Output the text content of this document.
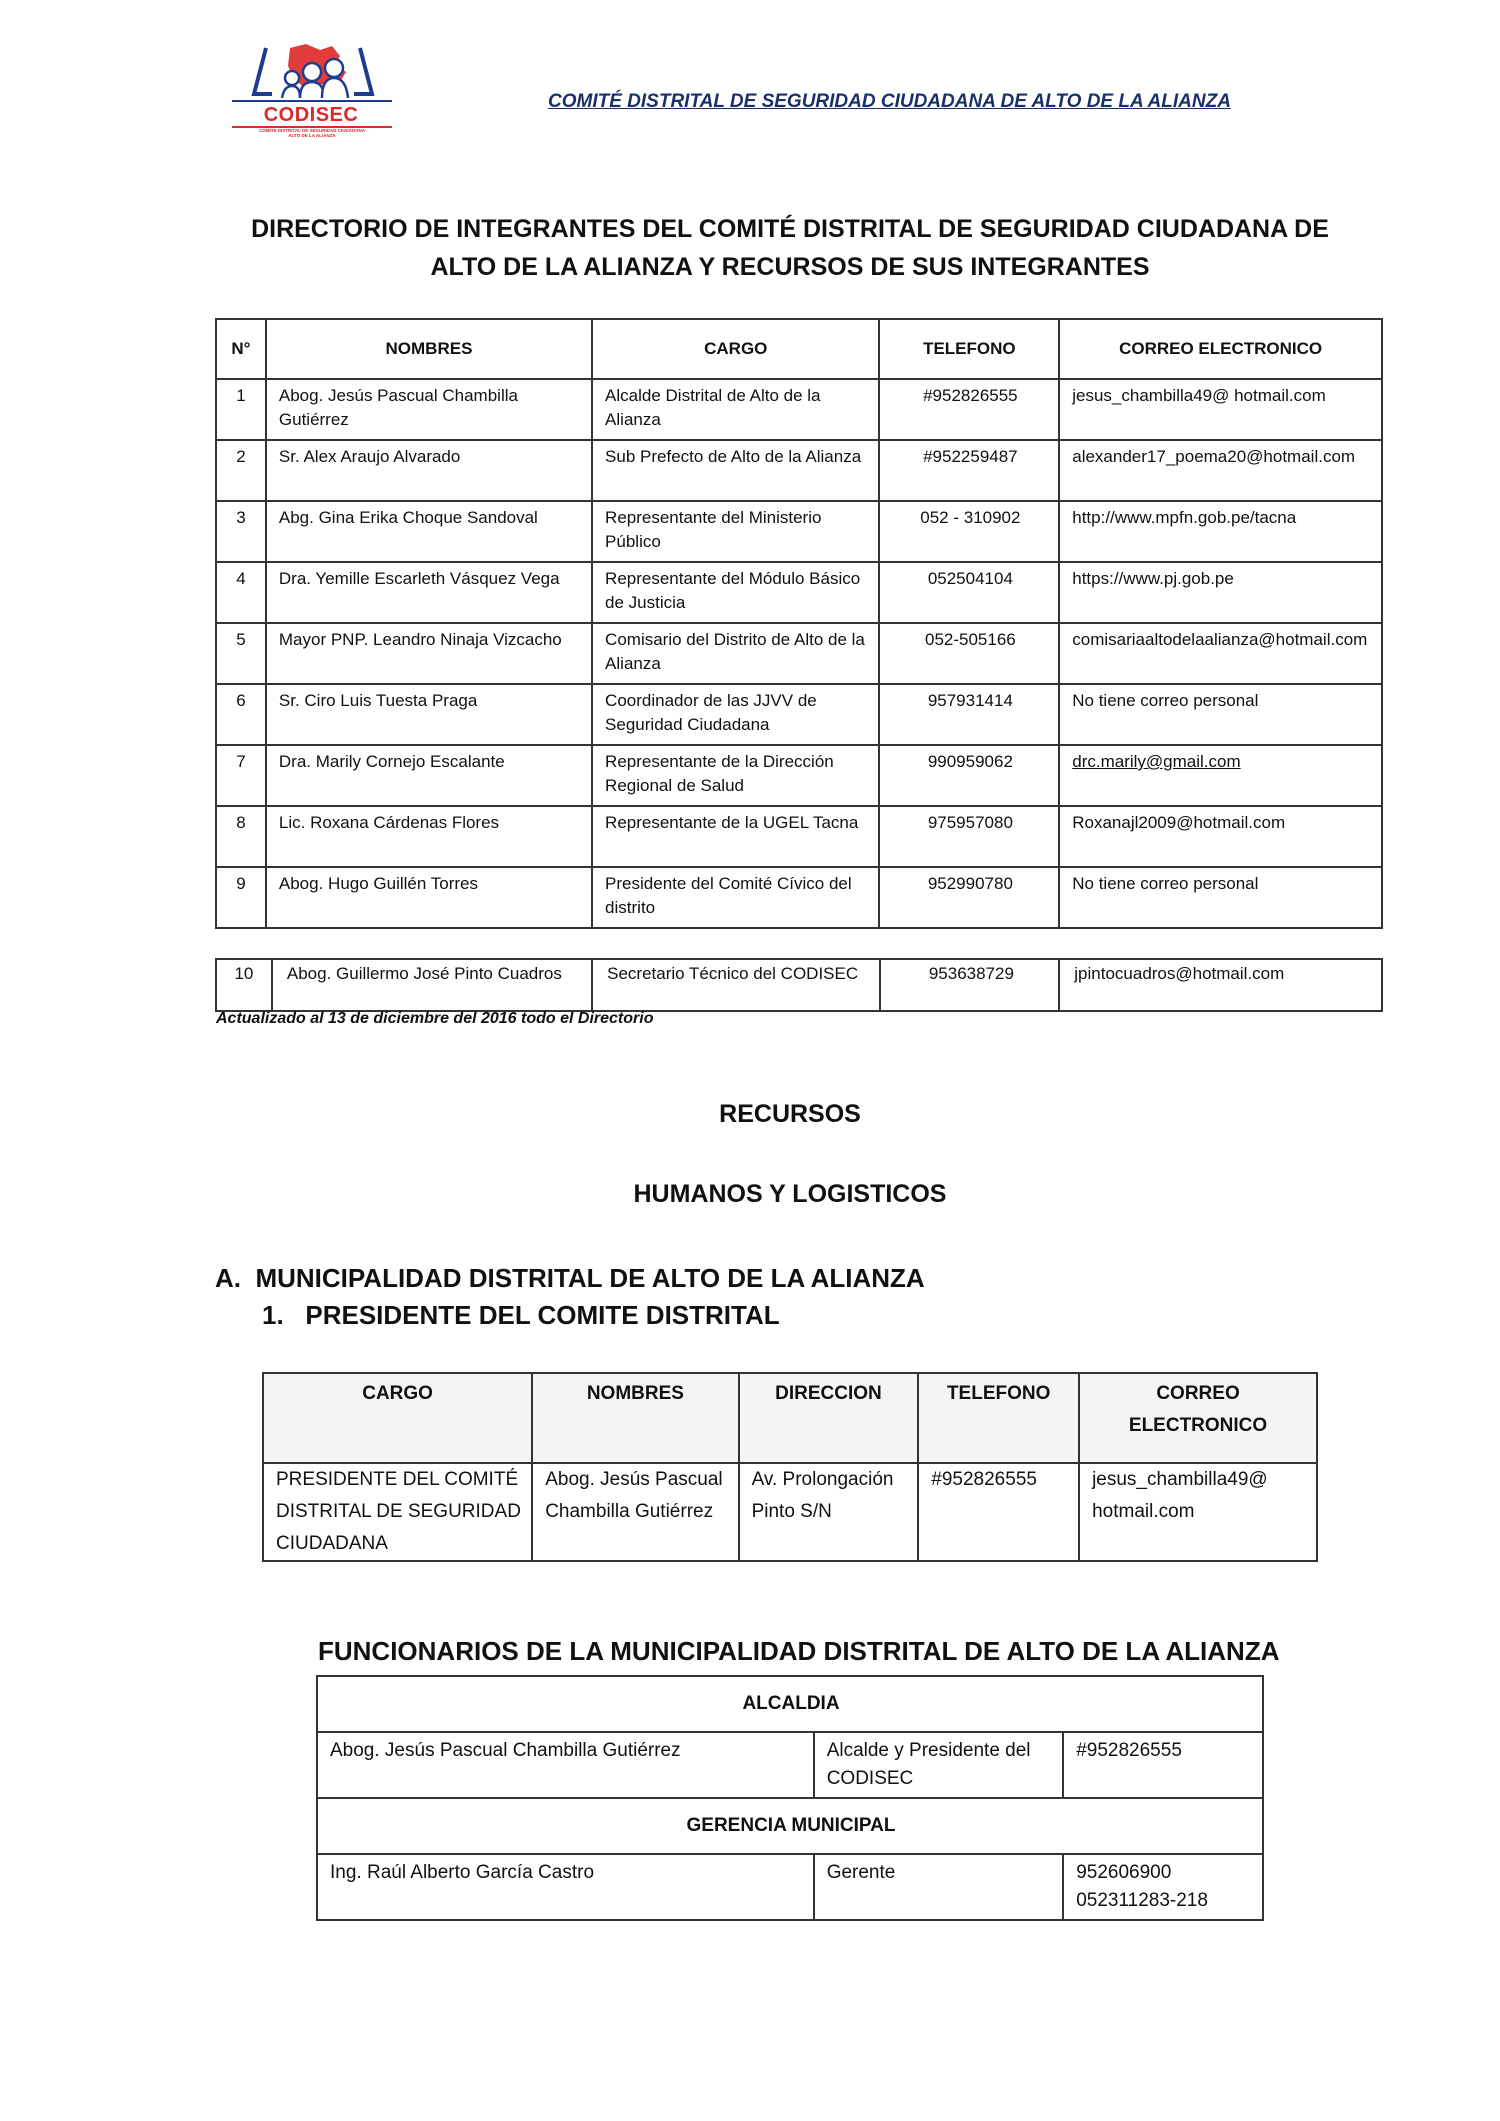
CODISEC
COMITE DISTRITAL DE SEGURIDAD CIUDADANA
ALTO DE LA ALIANZA
COMITÉ DISTRITAL DE SEGURIDAD CIUDADANA DE ALTO DE LA ALIANZA
DIRECTORIO DE INTEGRANTES DEL COMITÉ DISTRITAL DE SEGURIDAD CIUDADANA DE
ALTO DE LA ALIANZA Y RECURSOS DE SUS INTEGRANTES
N°	NOMBRES	CARGO	TELEFONO	CORREO ELECTRONICO
1	Abog. Jesús Pascual Chambilla Gutiérrez	Alcalde Distrital de Alto de la Alianza	#952826555	jesus_chambilla49@ hotmail.com
2	Sr. Alex Araujo Alvarado	Sub Prefecto de Alto de la Alianza	#952259487	alexander17_poema20@hotmail.com
3	Abg. Gina Erika Choque Sandoval	Representante del Ministerio Público	052 - 310902	http://www.mpfn.gob.pe/tacna
4	Dra. Yemille Escarleth Vásquez Vega	Representante del Módulo Básico de Justicia	052504104	https://www.pj.gob.pe
5	Mayor PNP. Leandro Ninaja Vizcacho	Comisario del Distrito de Alto de la Alianza	052-505166	comisariaaltodelaalianza@hotmail.com
6	Sr. Ciro Luis Tuesta Praga	Coordinador de las JJVV de Seguridad Ciudadana	957931414	No tiene correo personal
7	Dra. Marily Cornejo Escalante	Representante de la Dirección Regional de Salud	990959062	drc.marily@gmail.com
8	Lic. Roxana Cárdenas Flores	Representante de la UGEL Tacna	975957080	Roxanajl2009@hotmail.com
9	Abog. Hugo Guillén Torres	Presidente del Comité Cívico del distrito	952990780	No tiene correo personal
10	Abog. Guillermo José Pinto Cuadros	Secretario Técnico del CODISEC	953638729	jpintocuadros@hotmail.com
Actualizado al 13 de diciembre del 2016 todo el Directorio
RECURSOS
HUMANOS Y LOGISTICOS
A.  MUNICIPALIDAD DISTRITAL DE ALTO DE LA ALIANZA
1.   PRESIDENTE DEL COMITE DISTRITAL
CARGO	NOMBRES	DIRECCION	TELEFONO	CORREO ELECTRONICO
PRESIDENTE DEL COMITÉ DISTRITAL DE SEGURIDAD CIUDADANA	Abog. Jesús Pascual Chambilla Gutiérrez	Av. Prolongación Pinto S/N	#952826555	jesus_chambilla49@ hotmail.com
FUNCIONARIOS DE LA MUNICIPALIDAD DISTRITAL DE ALTO DE LA ALIANZA
ALCALDIA		
Abog. Jesús Pascual Chambilla Gutiérrez	Alcalde y Presidente del CODISEC	#952826555
GERENCIA MUNICIPAL		
Ing. Raúl Alberto García Castro	Gerente	952606900
052311283-218
